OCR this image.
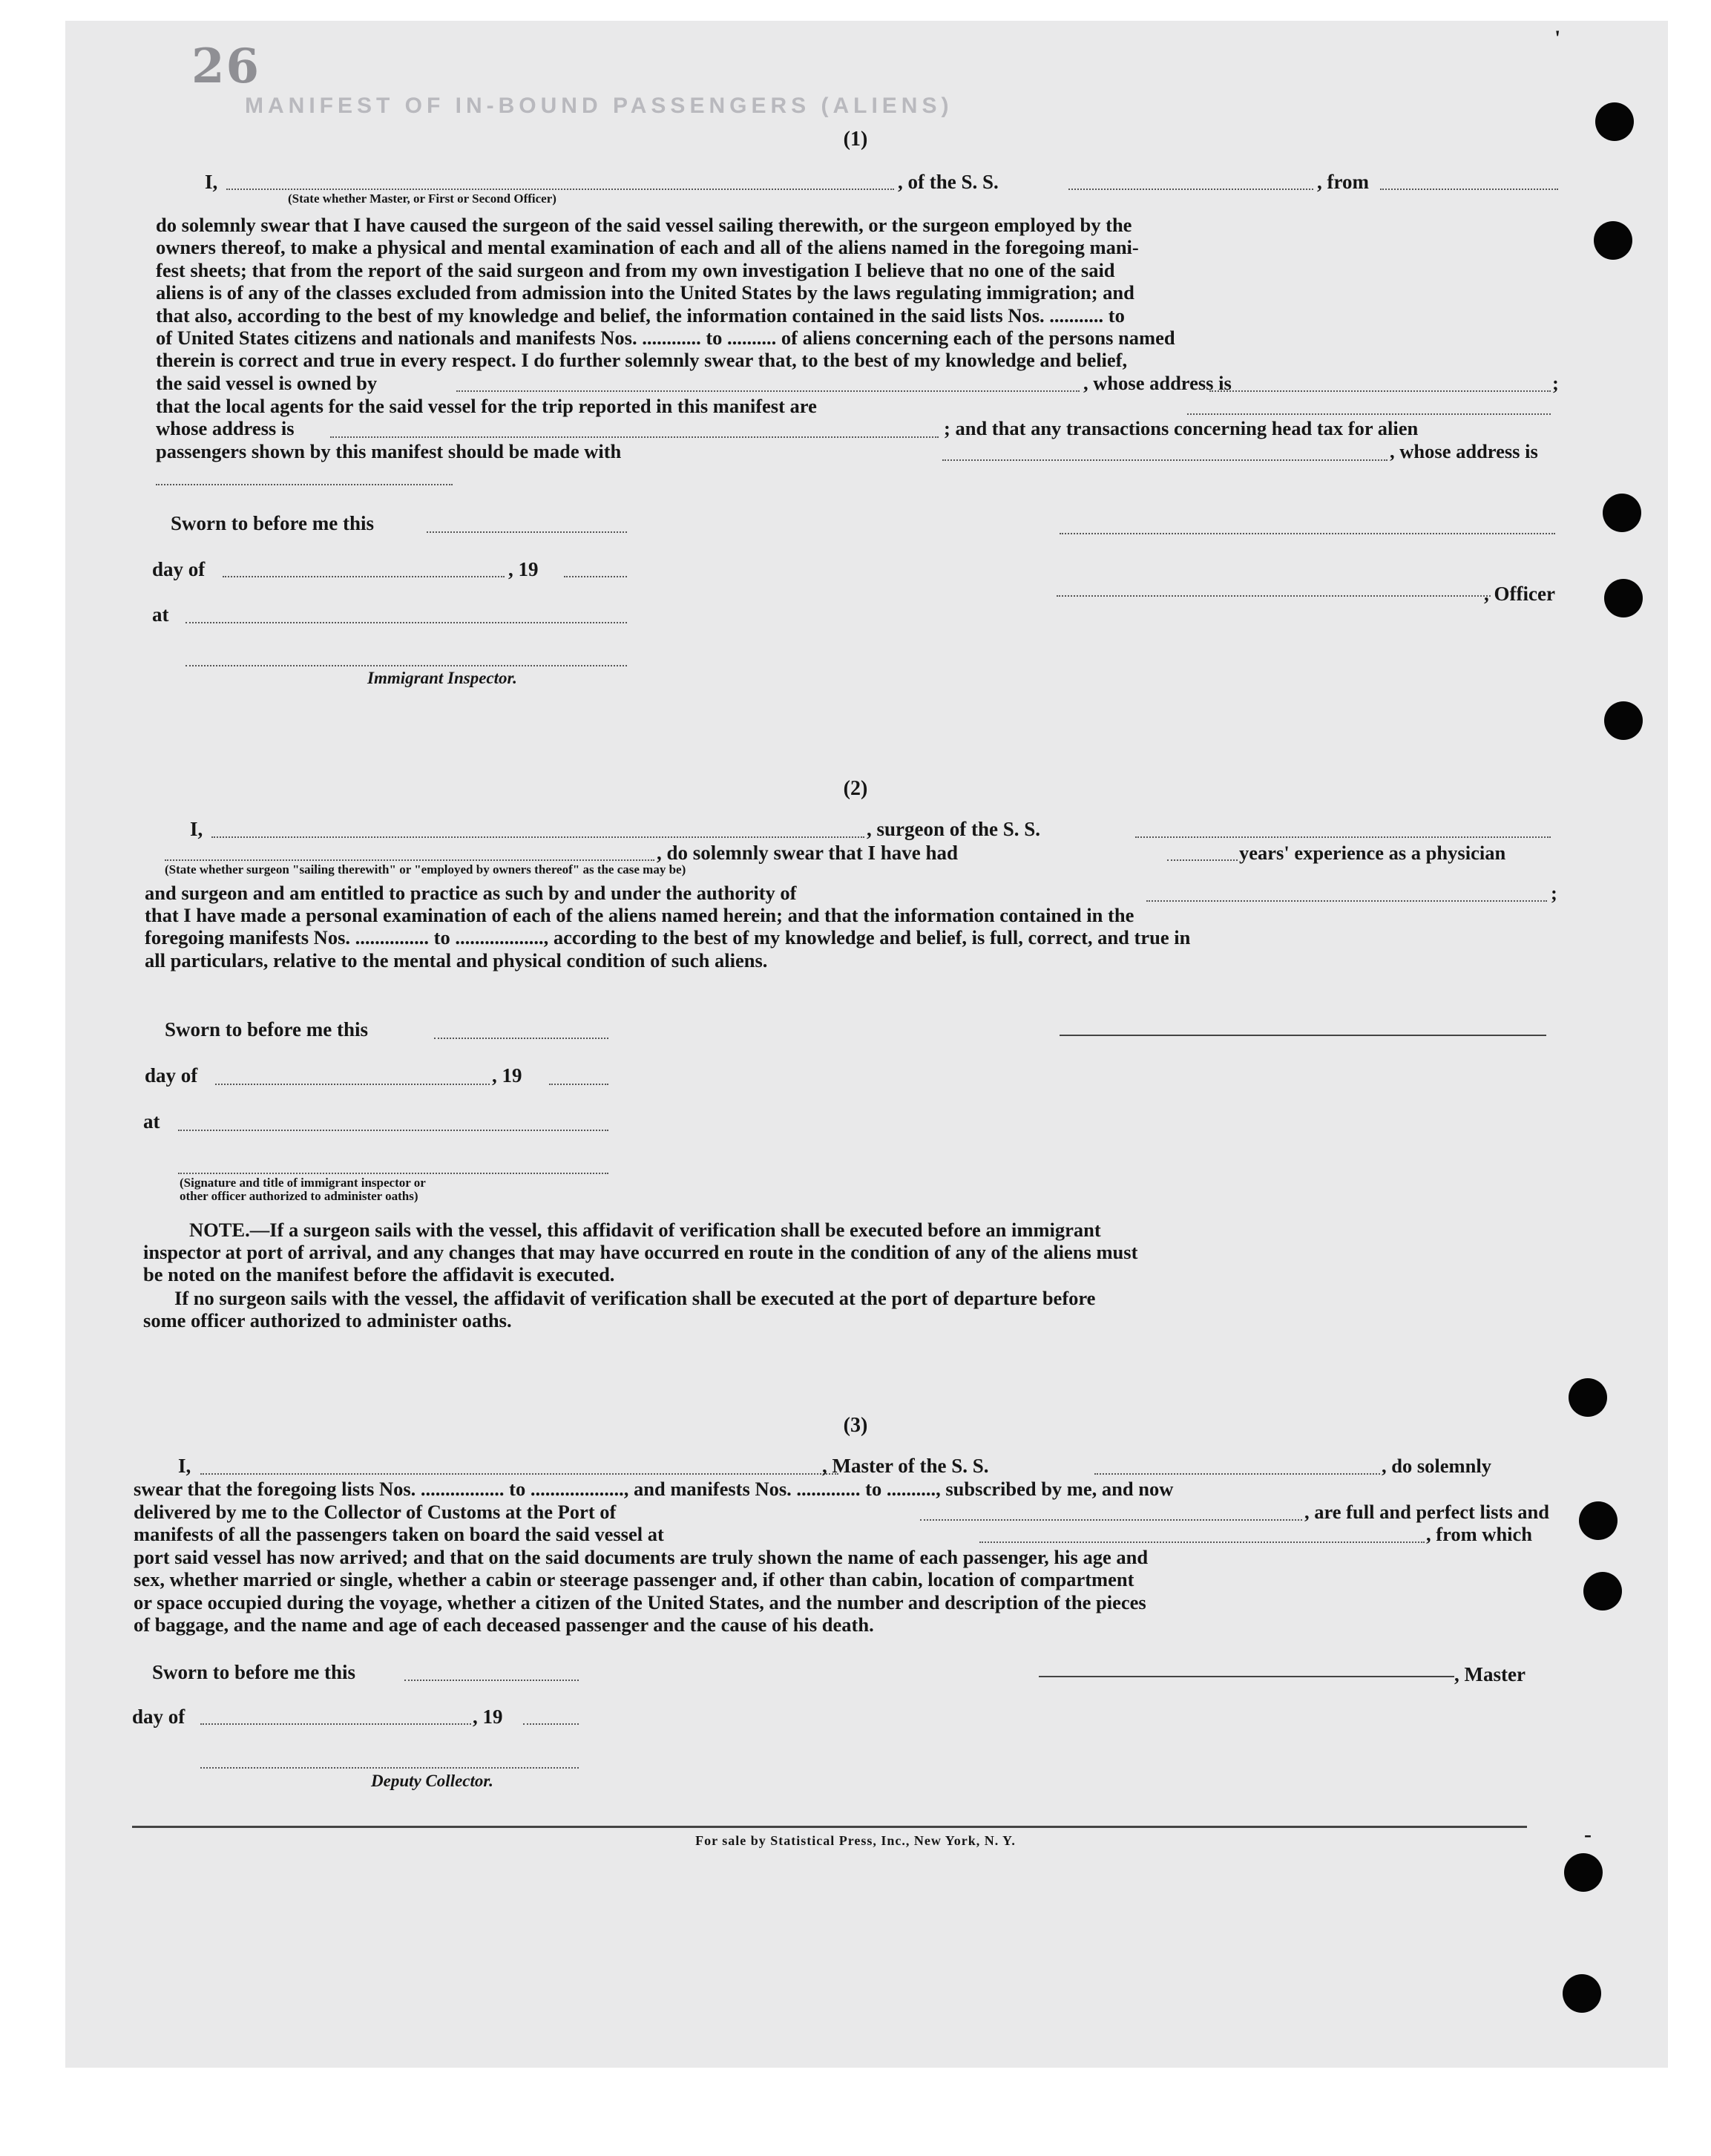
'
-
26
MANIFEST OF IN-BOUND PASSENGERS (ALIENS)
(1)
I,	, of the S. S.	, from
(State whether Master, or First or Second Officer)
do solemnly swear that I have caused the surgeon of the said vessel sailing therewith, or the surgeon employed by the
owners thereof, to make a physical and mental examination of each and all of the aliens named in the foregoing mani-
fest sheets; that from the report of the said surgeon and from my own investigation I believe that no one of the said
aliens is of any of the classes excluded from admission into the United States by the laws regulating immigration; and
that also, according to the best of my knowledge and belief, the information contained in the said lists Nos. ........... to
of United States citizens and nationals and manifests Nos. ............ to .......... of aliens concerning each of the persons named
therein is correct and true in every respect. I do further solemnly swear that, to the best of my knowledge and belief,
the said vessel is owned by	, whose address is	;
that the local agents for the said vessel for the trip reported in this manifest are
whose address is	; and that any transactions concerning head tax for alien
passengers shown by this manifest should be made with	, whose address is
Sworn to before me this
day of	, 19
at
Immigrant Inspector.
, Officer
(2)
I,	, surgeon of the S. S.
, do solemnly swear that I have had	years' experience as a physician
(State whether surgeon "sailing therewith" or "employed by owners thereof" as the case may be)
and surgeon and am entitled to practice as such by and under the authority of	;
that I have made a personal examination of each of the aliens named herein; and that the information contained in the
foregoing manifests Nos. ............... to .................., according to the best of my knowledge and belief, is full, correct, and true in
all particulars, relative to the mental and physical condition of such aliens.
Sworn to before me this
day of	, 19
at
(Signature and title of immigrant inspector or
other officer authorized to administer oaths)
NOTE.—If a surgeon sails with the vessel, this affidavit of verification shall be executed before an immigrant
inspector at port of arrival, and any changes that may have occurred en route in the condition of any of the aliens must
be noted on the manifest before the affidavit is executed.
If no surgeon sails with the vessel, the affidavit of verification shall be executed at the port of departure before
some officer authorized to administer oaths.
(3)
I,	, Master of the S. S.	, do solemnly
swear that the foregoing lists Nos. ................. to ..................., and manifests Nos. ............. to .........., subscribed by me, and now
delivered by me to the Collector of Customs at the Port of	, are full and perfect lists and
manifests of all the passengers taken on board the said vessel at	, from which
port said vessel has now arrived; and that on the said documents are truly shown the name of each passenger, his age and
sex, whether married or single, whether a cabin or steerage passenger and, if other than cabin, location of compartment
or space occupied during the voyage, whether a citizen of the United States, and the number and description of the pieces
of baggage, and the name and age of each deceased passenger and the cause of his death.
Sworn to before me this
day of	, 19
Deputy Collector.
, Master
For sale by Statistical Press, Inc., New York, N. Y.
